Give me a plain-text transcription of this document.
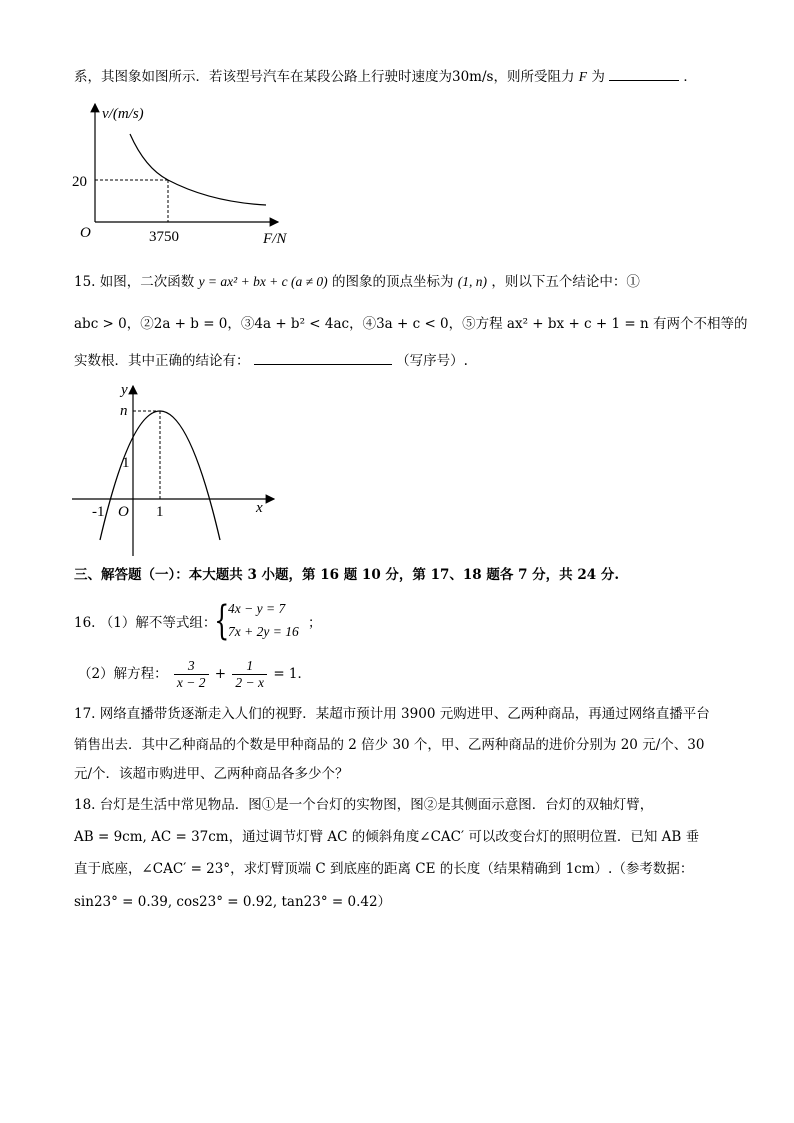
系，其图象如图所示．若该型号汽车在某段公路上行驶时速度为30m/s，则所受阻力 F 为	．
v/(m/s)
20
O	3750	F/N
15. 如图，二次函数 y = ax² + bx + c (a ≠ 0) 的图象的顶点坐标为 (1, n) ，则以下五个结论中：①
abc > 0，②2a + b = 0，③4a + b² < 4ac，④3a + c < 0，⑤方程 ax² + bx + c + 1 = n 有两个不相等的
实数根．其中正确的结论有：	（写序号）.
y
n
1
-1 O 1	x
三、解答题（一）：本大题共 3 小题，第 16 题 10 分，第 17、18 题各 7 分，共 24 分.
16. （1）解不等式组：
{
4x − y = 7
7x + 2y = 16
；
（2）解方程： $\frac{3}{x - 2} + \frac{1}{2 - x} = 1$．
17. 网络直播带货逐渐走入人们的视野．某超市预计用 3900 元购进甲、乙两种商品，再通过网络直播平台
销售出去．其中乙种商品的个数是甲种商品的 2 倍少 30 个，甲、乙两种商品的进价分别为 20 元/个、30
元/个．该超市购进甲、乙两种商品各多少个？
18. 台灯是生活中常见物品．图①是一个台灯的实物图，图②是其侧面示意图．台灯的双轴灯臂，
AB = 9cm, AC = 37cm，通过调节灯臂 AC 的倾斜角度∠CAC′ 可以改变台灯的照明位置．已知 AB 垂
直于底座，∠CAC′ = 23°，求灯臂顶端 C 到底座的距离 CE 的长度（结果精确到 1cm）.（参考数据：
sin23° = 0.39, cos23° = 0.92, tan23° = 0.42）
